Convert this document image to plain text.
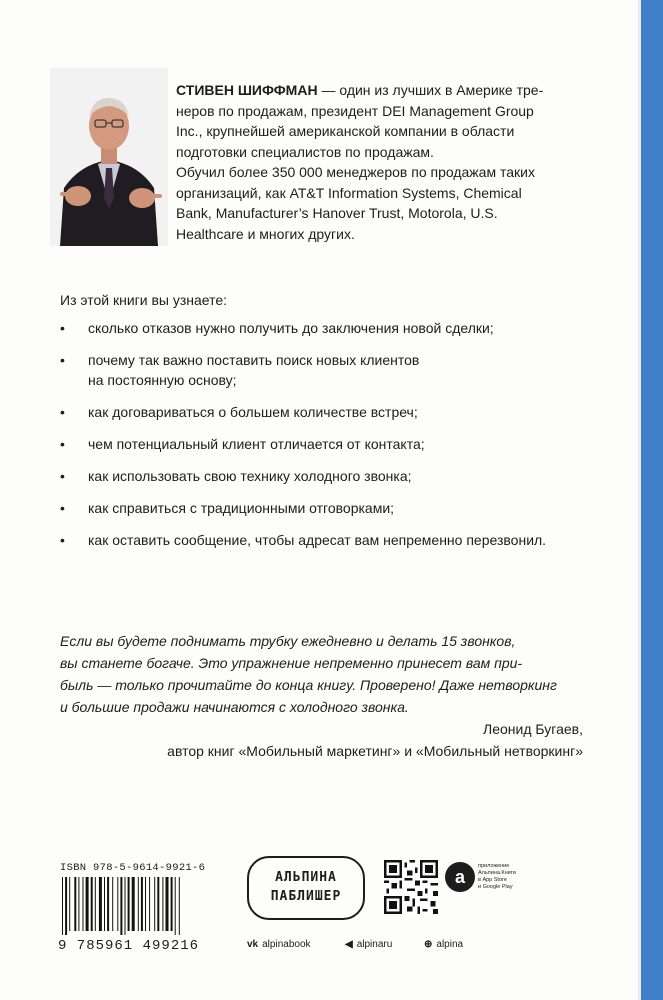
СТИВЕН ШИФФМАН — один из лучших в Америке тре-

неров по продажам, президент DEI Management Group

Inc., крупнейшей американской компании в области

подготовки специалистов по продажам.

Обучил более 350 000 менеджеров по продажам таких

организаций, как AT&T Information Systems, Chemical

Bank, Manufacturer’s Hanover Trust, Motorola, U.S.

Healthcare и многих других.

Из этой книги вы узнаете:
• сколько отказов нужно получить до заключения новой сделки;
• почему так важно поставить поиск новых клиентов
на постоянную основу;
• как договариваться о большем количестве встреч;
• чем потенциальный клиент отличается от контакта;
• как использовать свою технику холодного звонка;
• как справиться с традиционными отговорками;
• как оставить сообщение, чтобы адресат вам непременно перезвонил.

Если вы будете поднимать трубку ежедневно и делать 15 звонков,

вы станете богаче. Это упражнение непременно принесет вам при-

быль — только прочитайте до конца книгу. Проверено! Даже нетворкинг

и большие продажи начинаются с холодного звонка.

Леонид Бугаев,
автор книг «Мобильный маркетинг» и «Мобильный нетворкинг»
ISBN 978-5-9614-9921-6
9 785961 499216
АЛЬПИНА
ПАБЛИШЕР
a
приложение
Альпина.Книги
в App Store
и Google Play
vk alpinabook	◀ alpinaru	⊕ alpina
